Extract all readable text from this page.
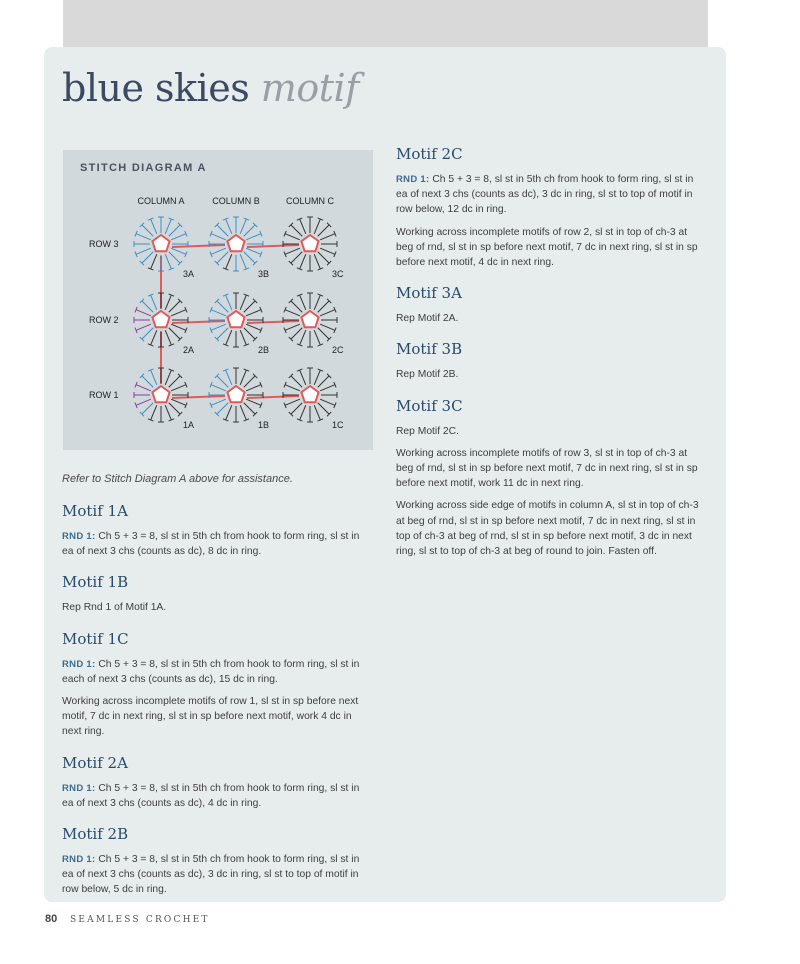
blue skies motif
STITCH DIAGRAM A
COLUMN A	COLUMN B	COLUMN C
ROW 3
ROW 2
ROW 1
3A	3B	3C
2A	2B	2C
1A	1B	1C

Refer to Stitch Diagram A above for assistance.

Motif 1A

RND 1: Ch 5 + 3 = 8, sl st in 5th ch from hook to form ring, sl st in ea of next 3 chs (counts as dc), 8 dc in ring.

Motif 1B

Rep Rnd 1 of Motif 1A.

Motif 1C

RND 1: Ch 5 + 3 = 8, sl st in 5th ch from hook to form ring, sl st in each of next 3 chs (counts as dc), 15 dc in ring.

Working across incomplete motifs of row 1, sl st in sp before next motif, 7 dc in next ring, sl st in sp before next motif, work 4 dc in next ring.

Motif 2A

RND 1: Ch 5 + 3 = 8, sl st in 5th ch from hook to form ring, sl st in ea of next 3 chs (counts as dc), 4 dc in ring.

Motif 2B

RND 1: Ch 5 + 3 = 8, sl st in 5th ch from hook to form ring, sl st in ea of next 3 chs (counts as dc), 3 dc in ring, sl st to top of motif in row below, 5 dc in ring.

Motif 2C

RND 1: Ch 5 + 3 = 8, sl st in 5th ch from hook to form ring, sl st in ea of next 3 chs (counts as dc), 3 dc in ring, sl st to top of motif in row below, 12 dc in ring.

Working across incomplete motifs of row 2, sl st in top of ch-3 at beg of rnd, sl st in sp before next motif, 7 dc in next ring, sl st in sp before next motif, 4 dc in next ring.

Motif 3A

Rep Motif 2A.

Motif 3B

Rep Motif 2B.

Motif 3C

Rep Motif 2C.

Working across incomplete motifs of row 3, sl st in top of ch-3 at beg of rnd, sl st in sp before next motif, 7 dc in next ring, sl st in sp before next motif, work 11 dc in next ring.

Working across side edge of motifs in column A, sl st in top of ch-3 at beg of rnd, sl st in sp before next motif, 7 dc in next ring, sl st in top of ch-3 at beg of rnd, sl st in sp before next motif, 3 dc in next ring, sl st to top of ch-3 at beg of round to join. Fasten off.

80 SEAMLESS CROCHET
